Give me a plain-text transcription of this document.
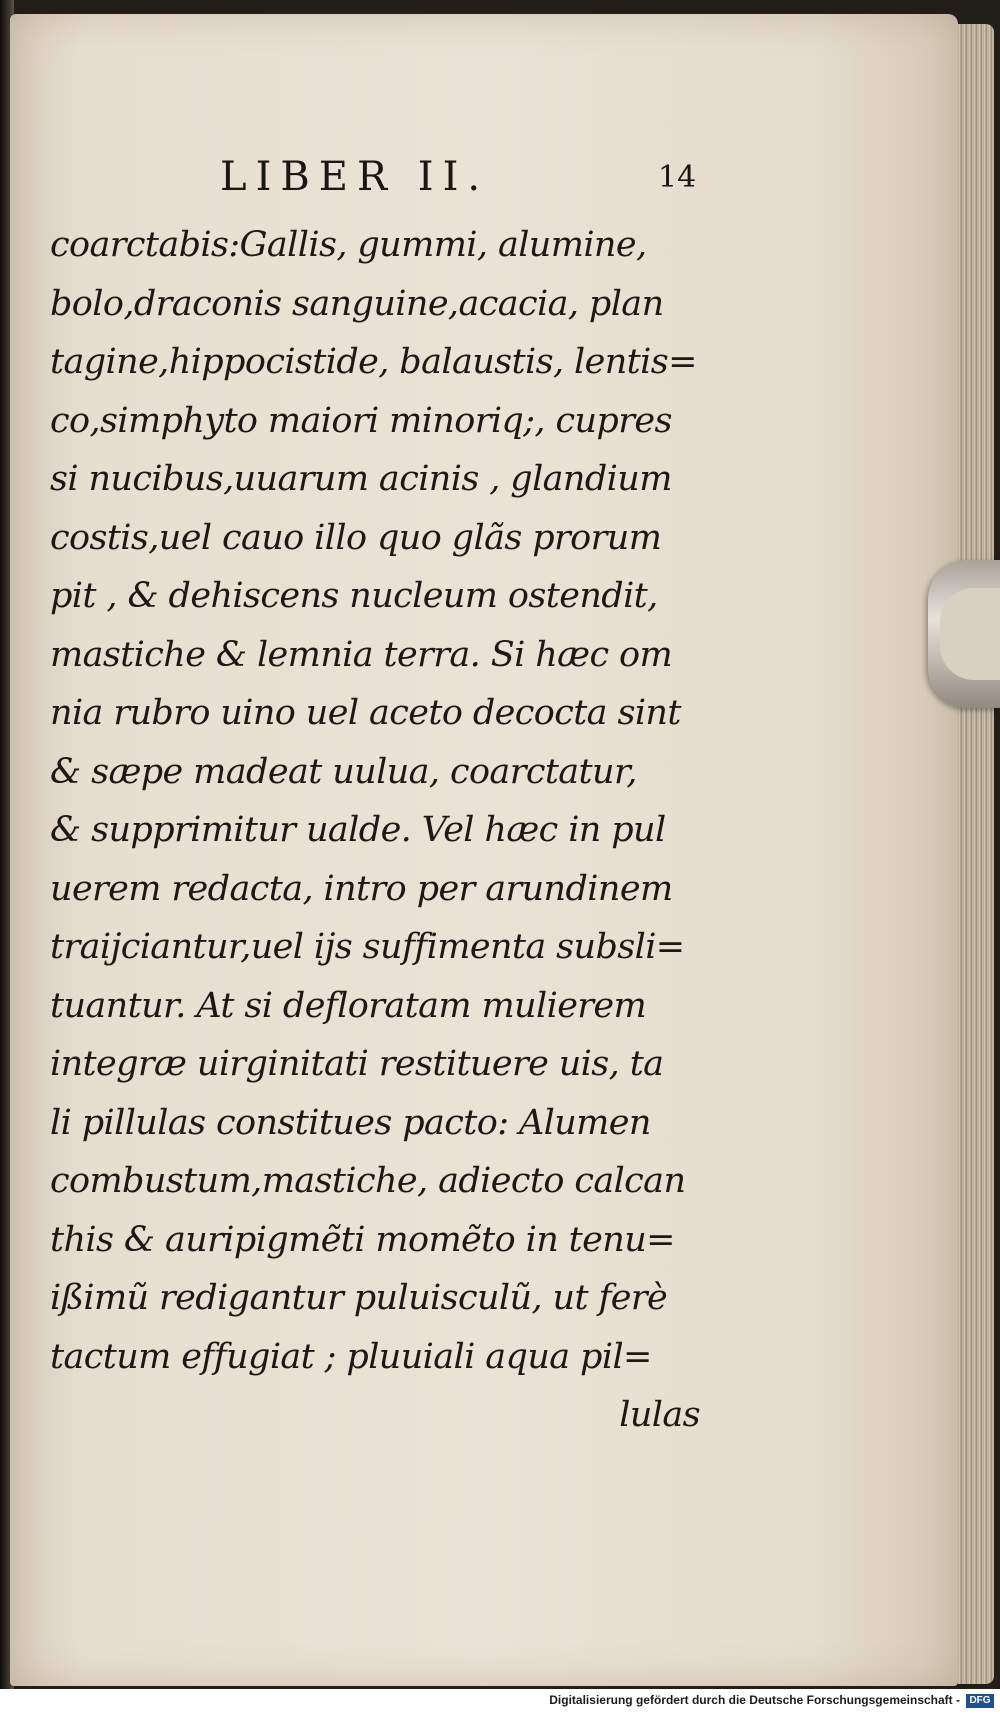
LIBER II.	14
coarctabis:Gallis, gummi, alumine,
bolo,draconis sanguine,acacia, plan
tagine,hippocistide, balaustis, lentis=
co,simphyto maiori minoriq;, cupres
si nucibus,uuarum acinis , glandium
costis,uel cauo illo quo glãs prorum
pit , & dehiscens nucleum ostendit,
mastiche & lemnia terra. Si hæc om
nia rubro uino uel aceto decocta sint
& sæpe madeat uulua, coarctatur,
& supprimitur ualde. Vel hæc in pul
uerem redacta, intro per arundinem
traijciantur,uel ijs suffimenta subsli=
tuantur. At si defloratam mulierem
integræ uirginitati restituere uis, ta
li pillulas constitues pacto: Alumen
combustum,mastiche, adiecto calcan
this & auripigmẽti momẽto in tenu=
ißimũ redigantur puluisculũ, ut ferè
tactum effugiat ; pluuiali aqua pil=
lulas
Digitalisierung gefördert durch die Deutsche Forschungsgemeinschaft - DFG
